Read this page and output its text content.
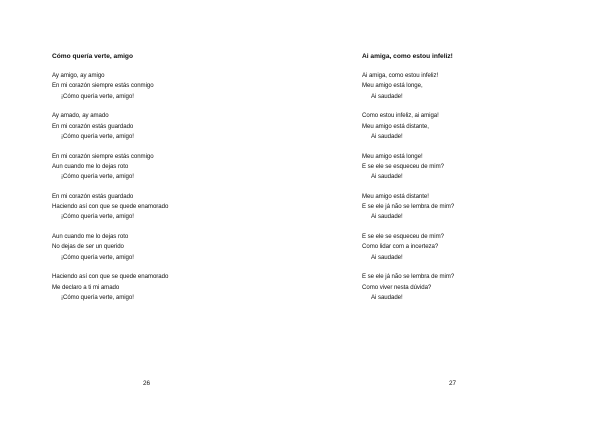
Cómo quería verte, amigo
Ay amigo, ay amigo
En mi corazón siempre estás conmigo
¡Cómo quería verte, amigo!
Ay amado, ay amado
En mi corazón estás guardado
¡Cómo quería verte, amigo!
En mi corazón siempre estás conmigo
Aun cuando me lo dejas roto
¡Cómo quería verte, amigo!
En mi corazón estás guardado
Haciendo así con que se quede enamorado
¡Cómo quería verte, amigo!
Aun cuando me lo dejas roto
No dejas de ser un querido
¡Cómo quería verte, amigo!
Haciendo así con que se quede enamorado
Me declaro a ti mi amado
¡Cómo quería verte, amigo!
26
Ai amiga, como estou infeliz!
Ai amiga, como estou infeliz!
Meu amigo está longe,
Ai saudade!
Como estou infeliz, ai amiga!
Meu amigo está distante,
Ai saudade!
Meu amigo está longe!
E se ele se esqueceu de mim?
Ai saudade!
Meu amigo está distante!
E se ele já não se lembra de mim?
Ai saudade!
E se ele se esqueceu de mim?
Como lidar com a incerteza?
Ai saudade!
E se ele já não se lembra de mim?
Como viver nesta dúvida?
Ai saudade!
27
